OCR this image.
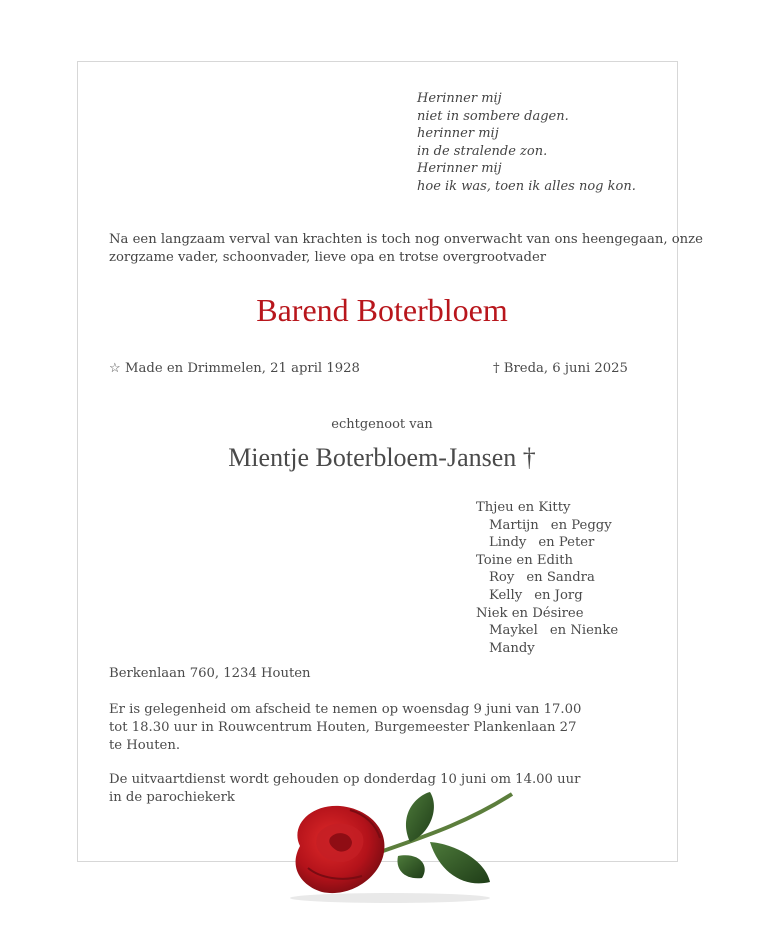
Herinner mij
niet in sombere dagen.
herinner mij
in de stralende zon.
Herinner mij
hoe ik was, toen ik alles nog kon.
Na een langzaam verval van krachten is toch nog onverwacht van ons heengegaan, onze
zorgzame vader, schoonvader, lieve opa en trotse overgrootvader
Barend Boterbloem
☆ Made en Drimmelen, 21 april 1928	† Breda, 6 juni 2025
echtgenoot van
Mientje Boterbloem-Jansen †
Thjeu en Kitty
Martijn en Peggy
Lindy en Peter
Toine en Edith
Roy en Sandra
Kelly en Jorg
Niek en Désiree
Maykel en Nienke
Mandy
Berkenlaan 760, 1234 Houten
Er is gelegenheid om afscheid te nemen op woensdag 9 juni van 17.00
tot 18.30 uur in Rouwcentrum Houten, Burgemeester Plankenlaan 27
te Houten.
De uitvaartdienst wordt gehouden op donderdag 10 juni om 14.00 uur
in de parochiekerk
